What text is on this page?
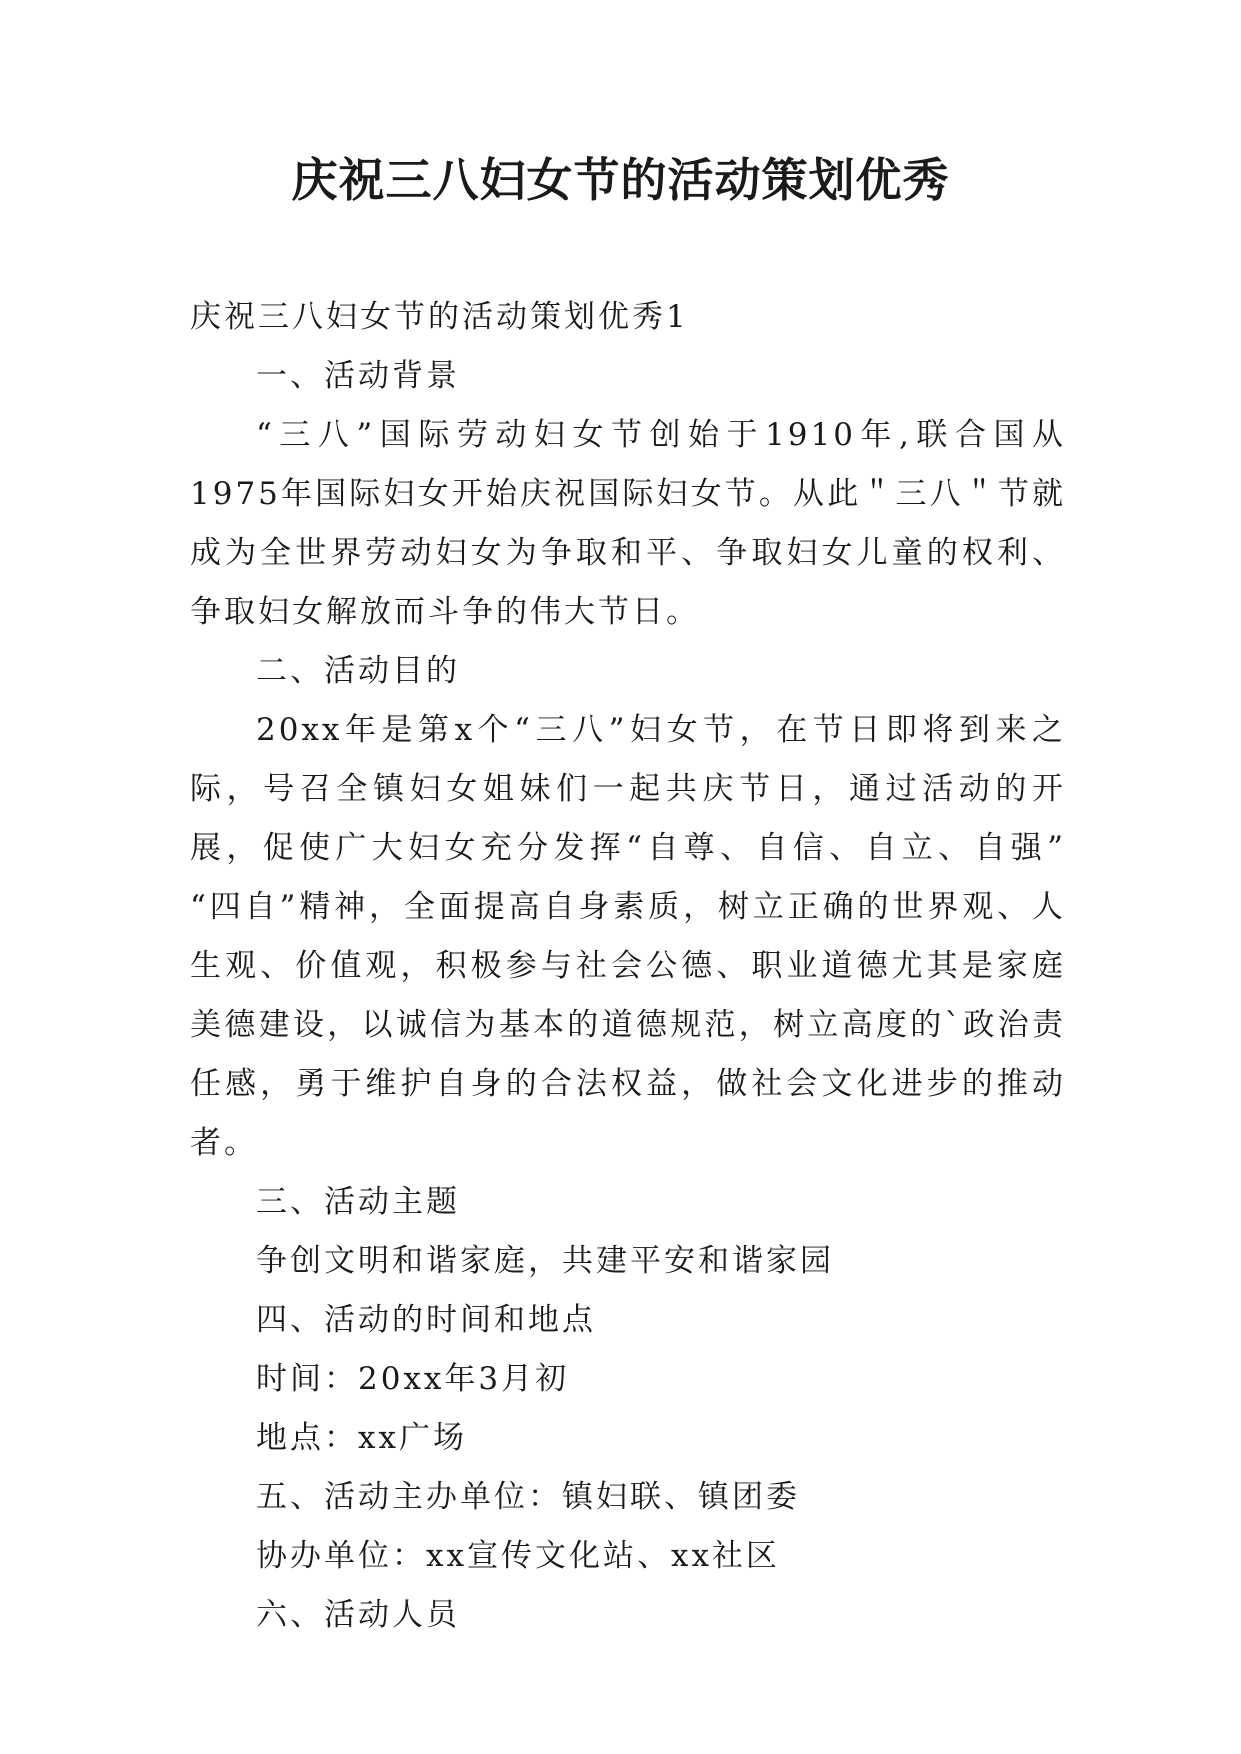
庆祝三八妇女节的活动策划优秀

庆祝三八妇女节的活动策划优秀1

一、活动背景

“三八”国际劳动妇女节创始于1910年,联合国从1975年国际妇女开始庆祝国际妇女节。从此＂三八＂节就成为全世界劳动妇女为争取和平、争取妇女儿童的权利、争取妇女解放而斗争的伟大节日。

二、活动目的

20xx年是第x个“三八”妇女节，在节日即将到来之际，号召全镇妇女姐妹们一起共庆节日，通过活动的开展，促使广大妇女充分发挥“自尊、自信、自立、自强” “四自”精神，全面提高自身素质，树立正确的世界观、人生观、价值观，积极参与社会公德、职业道德尤其是家庭美德建设，以诚信为基本的道德规范，树立高度的`政治责任感，勇于维护自身的合法权益，做社会文化进步的推动者。

三、活动主题

争创文明和谐家庭，共建平安和谐家园

四、活动的时间和地点

时间：20xx年3月初

地点：xx广场

五、活动主办单位：镇妇联、镇团委

协办单位：xx宣传文化站、xx社区

六、活动人员
